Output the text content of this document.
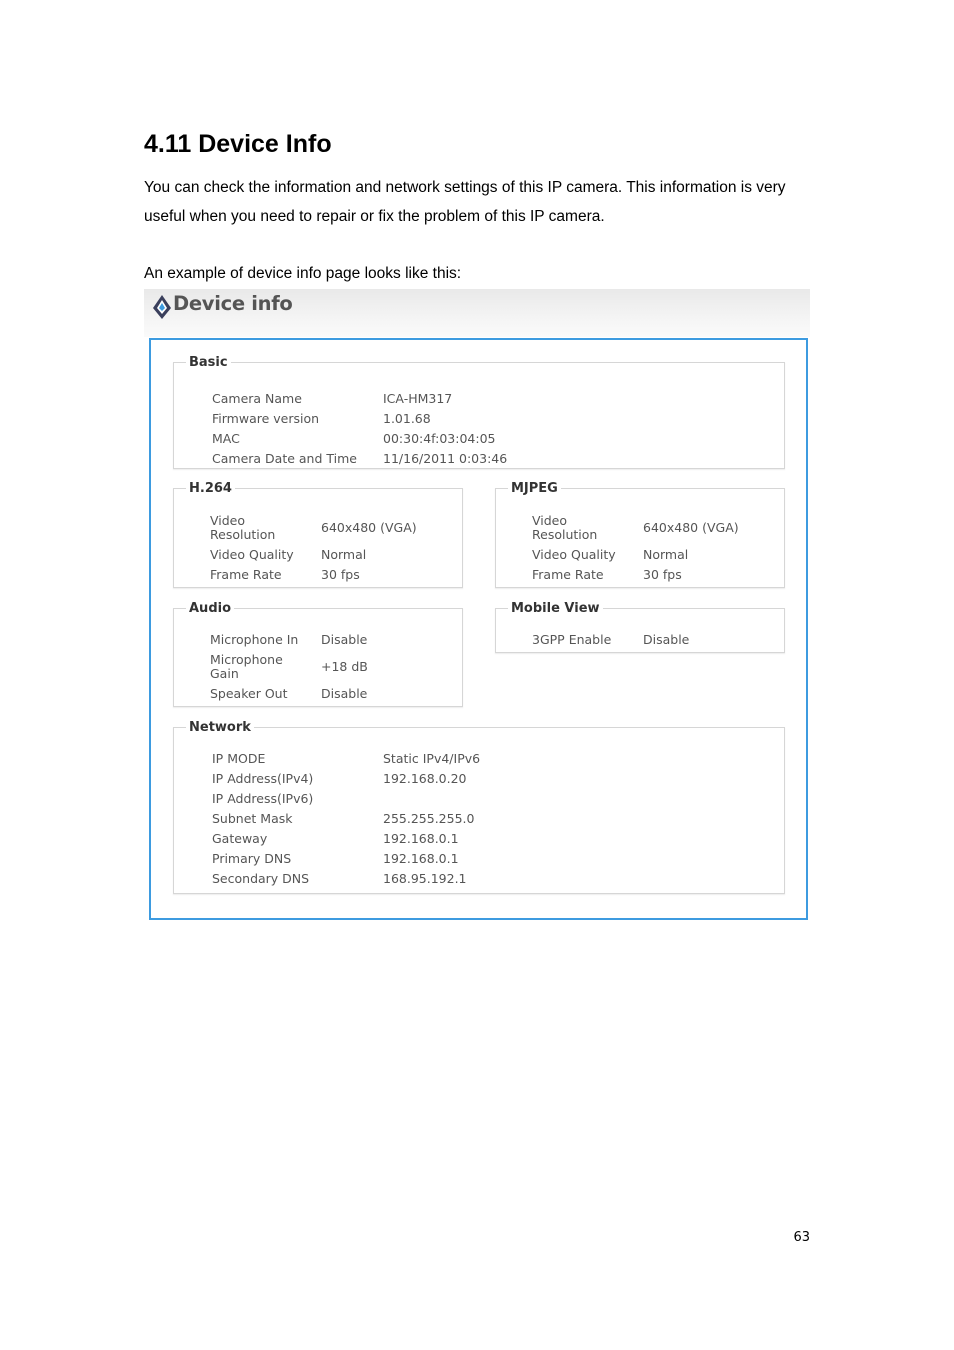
4.11 Device Info

You can check the information and network settings of this IP camera. This information is very useful when you need to repair or fix the problem of this IP camera.

An example of device info page looks like this:

Device info
Basic
Camera Name	ICA-HM317
Firmware version	1.01.68
MAC	00:30:4f:03:04:05
Camera Date and Time 11/16/2011 0:03:46
H.264
Video
Resolution	640x480 (VGA)
Video Quality Normal
Frame Rate	30 fps
MJPEG
Video
Resolution	640x480 (VGA)
Video Quality Normal
Frame Rate	30 fps
Audio
Microphone In Disable
Microphone
Gain	+18 dB
Speaker Out	Disable
Mobile View
3GPP Enable	Disable
Network
IP MODE	Static IPv4/IPv6
IP Address(IPv4)	192.168.0.20
IP Address(IPv6)
Subnet Mask	255.255.255.0
Gateway	192.168.0.1
Primary DNS	192.168.0.1
Secondary DNS	168.95.192.1
63
